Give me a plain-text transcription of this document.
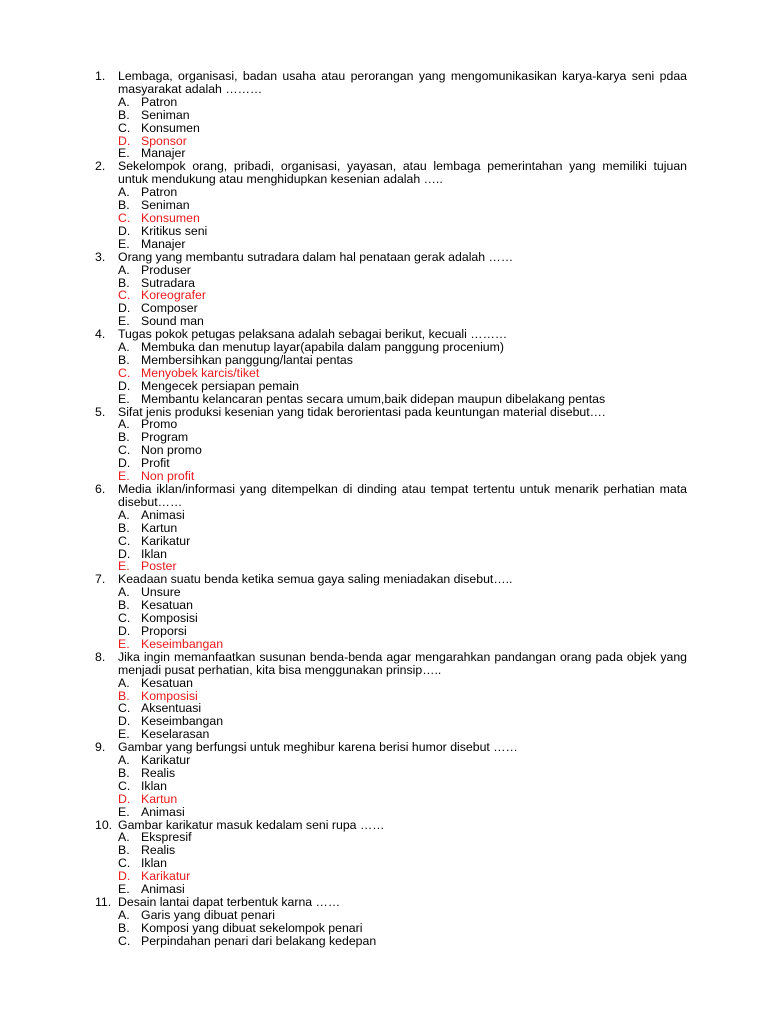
1.	Lembaga, organisasi, badan usaha atau perorangan yang mengomunikasikan karya-karya seni pdaa masyarakat adalah ………
A. Patron
B. Seniman
C. Konsumen
D. Sponsor
E. Manajer
2.	Sekelompok orang, pribadi, organisasi, yayasan, atau lembaga pemerintahan yang memiliki tujuan untuk mendukung atau menghidupkan kesenian adalah …..
A. Patron
B. Seniman
C. Konsumen
D. Kritikus seni
E. Manajer
3.	Orang yang membantu sutradara dalam hal penataan gerak adalah ……
A. Produser
B. Sutradara
C. Koreografer
D. Composer
E. Sound man
4.	Tugas pokok petugas pelaksana adalah sebagai berikut, kecuali ………
A. Membuka dan menutup layar(apabila dalam panggung procenium)
B. Membersihkan panggung/lantai pentas
C. Menyobek karcis/tiket
D. Mengecek persiapan pemain
E. Membantu kelancaran pentas secara umum,baik didepan maupun dibelakang pentas
5.	Sifat jenis produksi kesenian yang tidak berorientasi pada keuntungan material disebut….
A. Promo
B. Program
C. Non promo
D. Profit
E. Non profit
6.	Media iklan/informasi yang ditempelkan di dinding atau tempat tertentu untuk menarik perhatian mata disebut……
A. Animasi
B. Kartun
C. Karikatur
D. Iklan
E. Poster
7.	Keadaan suatu benda ketika semua gaya saling meniadakan disebut…..
A. Unsure
B. Kesatuan
C. Komposisi
D. Proporsi
E. Keseimbangan
8.	Jika ingin memanfaatkan susunan benda-benda agar mengarahkan pandangan orang pada objek yang menjadi pusat perhatian, kita bisa menggunakan prinsip…..
A. Kesatuan
B. Komposisi
C. Aksentuasi
D. Keseimbangan
E. Keselarasan
9.	Gambar yang berfungsi untuk meghibur karena berisi humor disebut ……
A. Karikatur
B. Realis
C. Iklan
D. Kartun
E. Animasi
10. Gambar karikatur masuk kedalam seni rupa ……
A. Ekspresif
B. Realis
C. Iklan
D. Karikatur
E. Animasi
11. Desain lantai dapat terbentuk karna ……
A. Garis yang dibuat penari
B. Komposi yang dibuat sekelompok penari
C. Perpindahan penari dari belakang kedepan
